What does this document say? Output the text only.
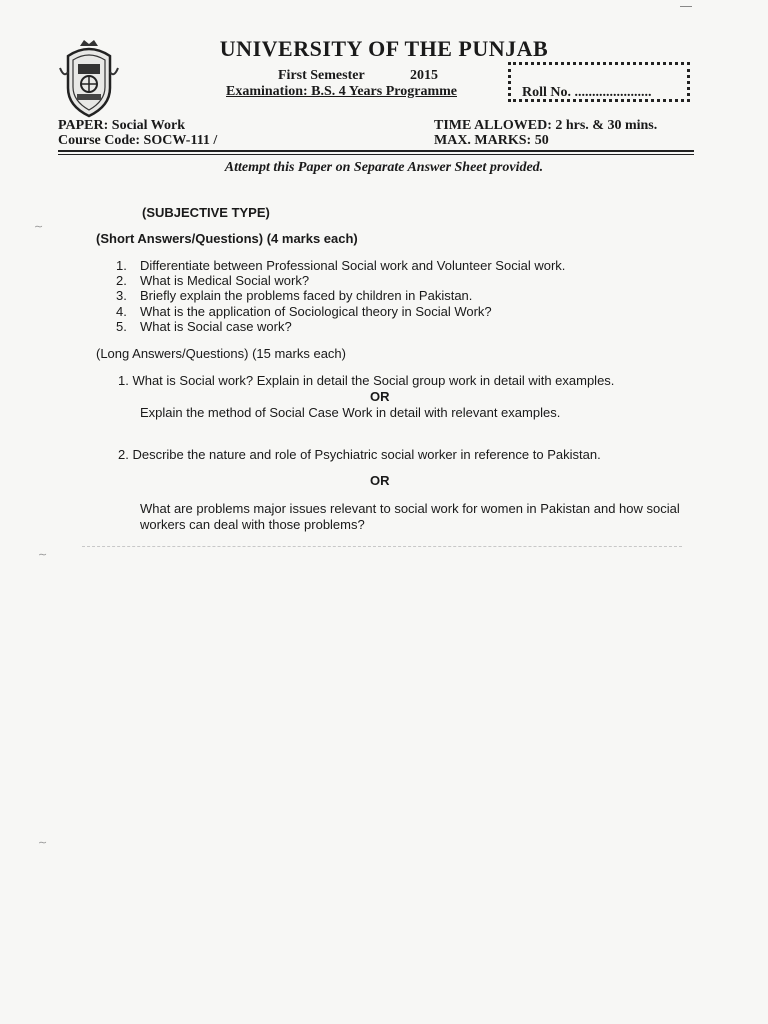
UNIVERSITY OF THE PUNJAB
First Semester	2015
Examination: B.S. 4 Years Programme	Roll No. ......................
PAPER: Social Work
Course Code: SOCW-111 /
TIME ALLOWED: 2 hrs. & 30 mins.
MAX. MARKS: 50
Attempt this Paper on Separate Answer Sheet provided.
(SUBJECTIVE TYPE)
(Short Answers/Questions) (4 marks each)
1. Differentiate between Professional Social work and Volunteer Social work.
2. What is Medical Social work?
3. Briefly explain the problems faced by children in Pakistan.
4. What is the application of Sociological theory in Social Work?
5. What is Social case work?
(Long Answers/Questions) (15 marks each)
1. What is Social work? Explain in detail the Social group work in detail with examples.
OR
Explain the method of Social Case Work in detail with relevant examples.
2. Describe the nature and role of Psychiatric social worker in reference to Pakistan.
OR
What are problems major issues relevant to social work for women in Pakistan and how social workers can deal with those problems?
∼
∼
∼
